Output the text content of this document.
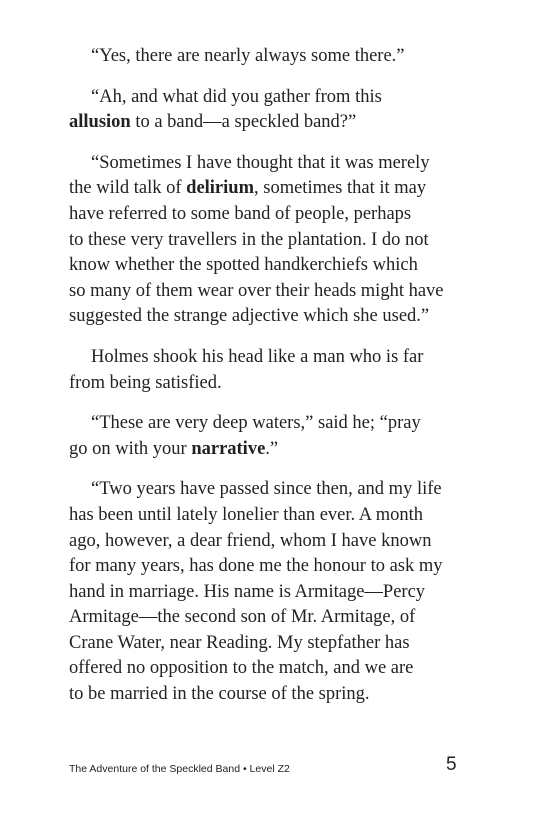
“Yes, there are nearly always some there.”
“Ah, and what did you gather from this
allusion to a band—a speckled band?”
“Sometimes I have thought that it was merely
the wild talk of delirium, sometimes that it may
have referred to some band of people, perhaps
to these very travellers in the plantation. I do not
know whether the spotted handkerchiefs which
so many of them wear over their heads might have
suggested the strange adjective which she used.”
Holmes shook his head like a man who is far
from being satisfied.
“These are very deep waters,” said he; “pray
go on with your narrative.”
“Two years have passed since then, and my life
has been until lately lonelier than ever. A month
ago, however, a dear friend, whom I have known
for many years, has done me the honour to ask my
hand in marriage. His name is Armitage—Percy
Armitage—the second son of Mr. Armitage, of
Crane Water, near Reading. My stepfather has
offered no opposition to the match, and we are
to be married in the course of the spring.
The Adventure of the Speckled Band • Level Z2	5
